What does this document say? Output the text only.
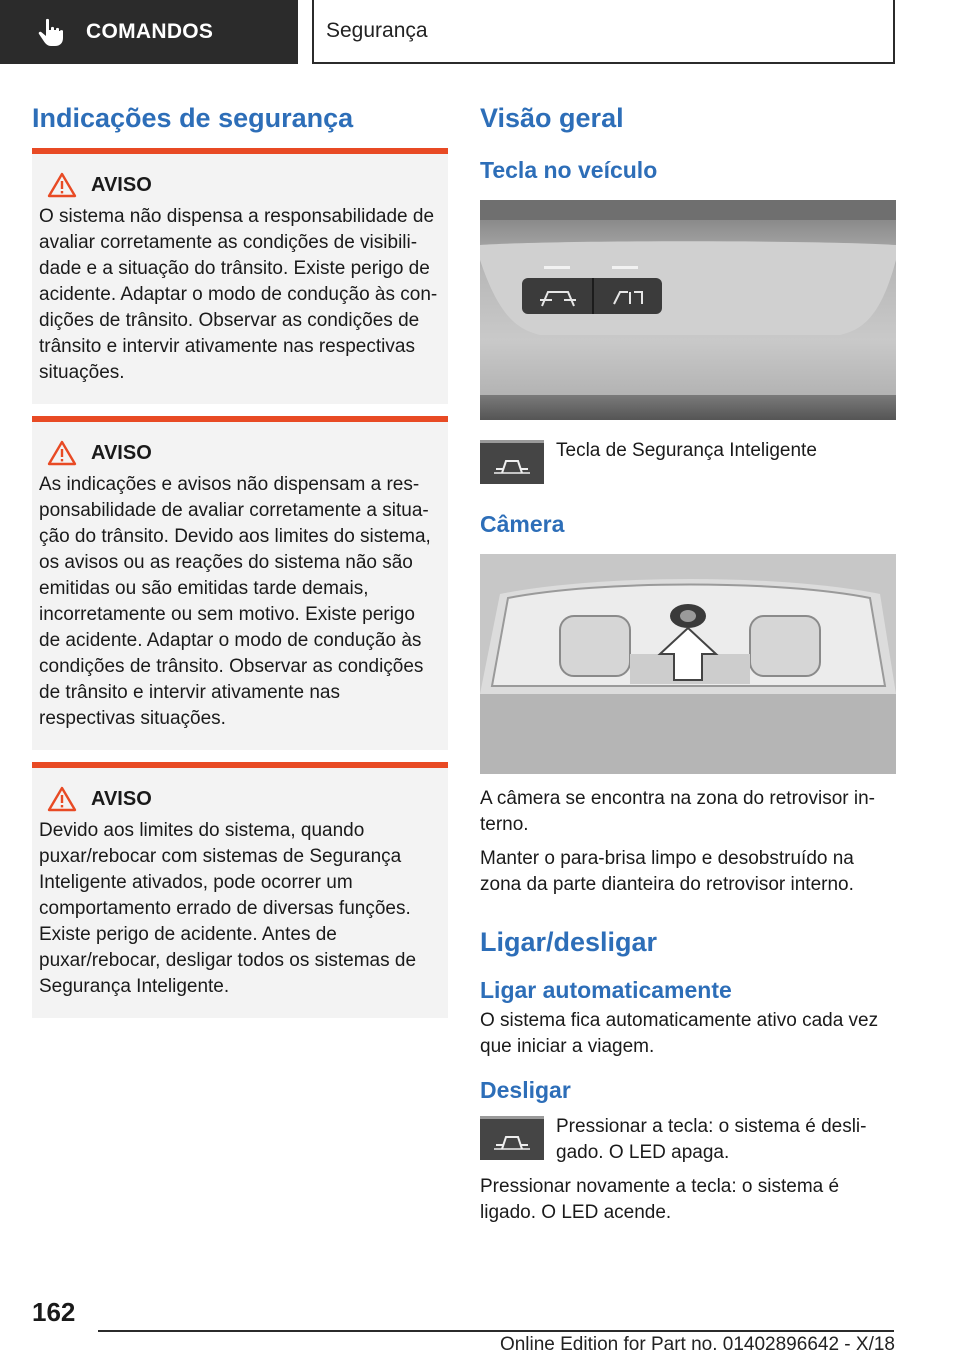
COMANDOS	Segurança
Indicações de segurança
AVISO

O sistema não dispensa a responsabilidade de avaliar corretamente as condições de visibilidade e a situação do trânsito. Existe perigo de acidente. Adaptar o modo de condução às condições de trânsito. Observar as condições de trânsito e intervir ativamente nas respectivas situações.

AVISO

As indicações e avisos não dispensam a responsabilidade de avaliar corretamente a situação do trânsito. Devido aos limites do sistema, os avisos ou as reações do sistema não são emitidas ou são emitidas tarde demais, incorretamente ou sem motivo. Existe perigo de acidente. Adaptar o modo de condução às condições de trânsito. Observar as condições de trânsito e intervir ativamente nas respectivas situações.

AVISO

Devido aos limites do sistema, quando puxar/rebocar com sistemas de Segurança Inteligente ativados, pode ocorrer um comportamento errado de diversas funções. Existe perigo de acidente. Antes de puxar/rebocar, desligar todos os sistemas de Segurança Inteligente.

Visão geral
Tecla no veículo

Tecla de Segurança Inteligente

Câmera

A câmera se encontra na zona do retrovisor interno.

Manter o para-brisa limpo e desobstruído na zona da parte dianteira do retrovisor interno.

Ligar/desligar
Ligar automaticamente

O sistema fica automaticamente ativo cada vez que iniciar a viagem.

Desligar

Pressionar a tecla: o sistema é desligado. O LED apaga.

Pressionar novamente a tecla: o sistema é ligado. O LED acende.

162
Online Edition for Part no. 01402896642 - X/18
